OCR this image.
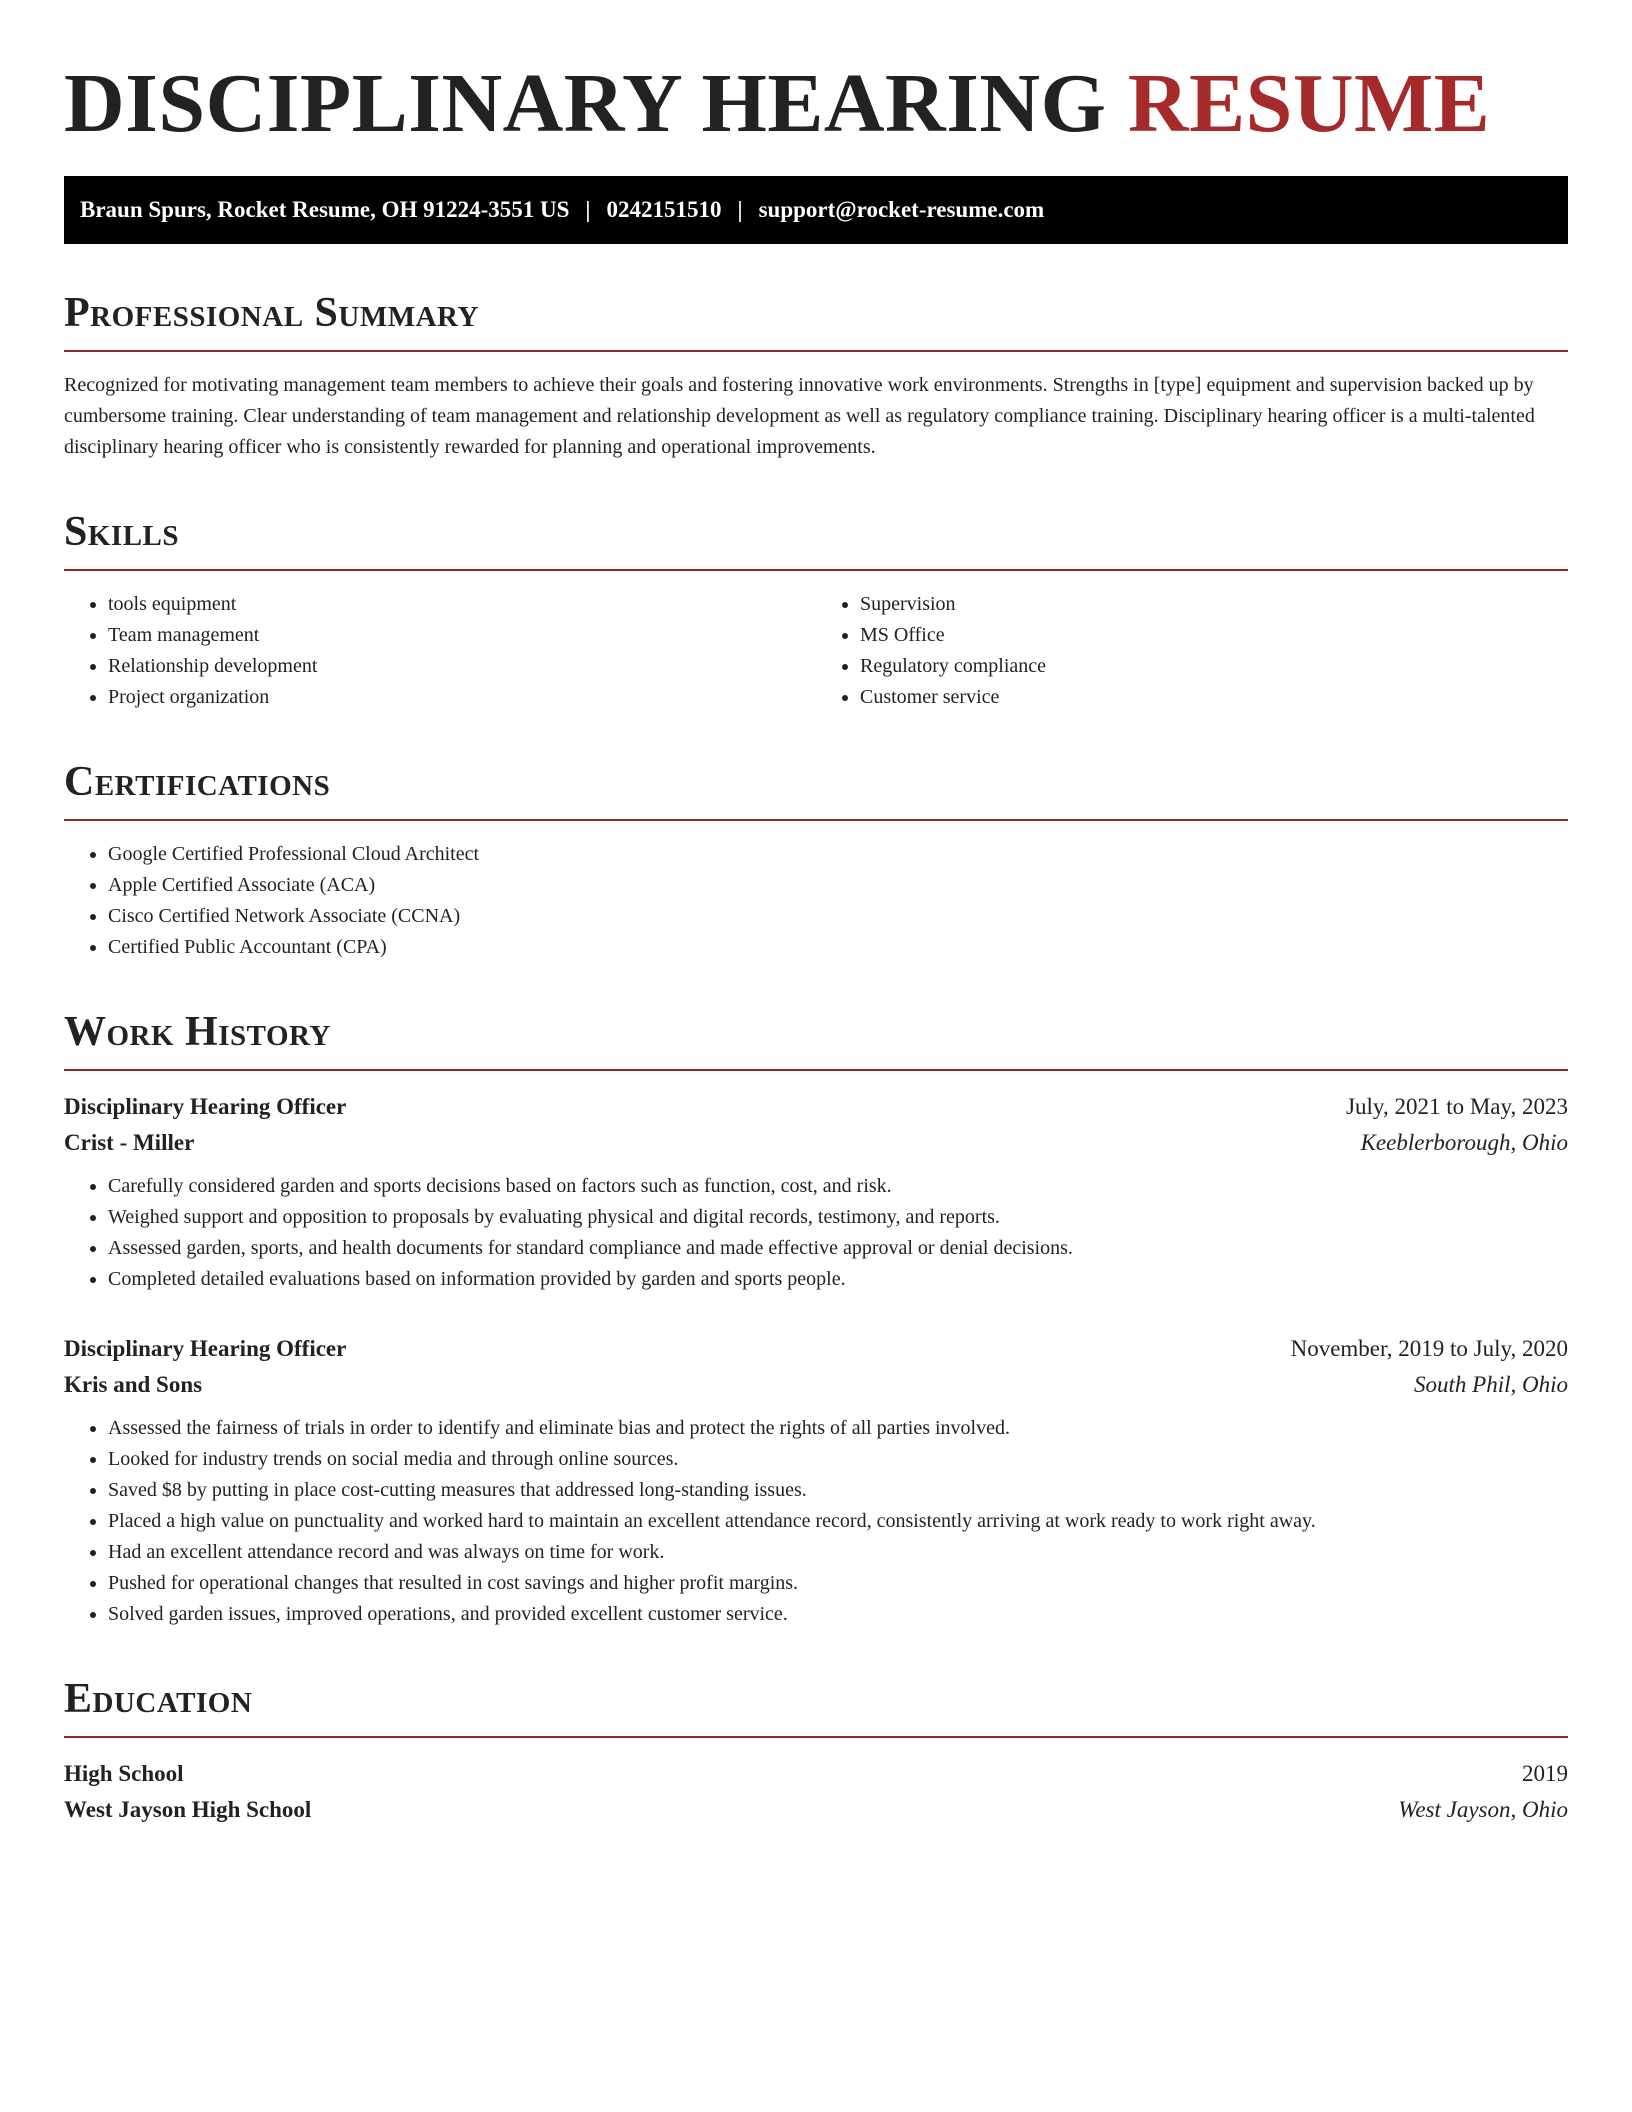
DISCIPLINARY HEARING RESUME
Braun Spurs, Rocket Resume, OH 91224-3551 US | 0242151510 | support@rocket-resume.com
Professional Summary

Recognized for motivating management team members to achieve their goals and fostering innovative work environments. Strengths in [type] equipment and supervision backed up by cumbersome training. Clear understanding of team management and relationship development as well as regulatory compliance training. Disciplinary hearing officer is a multi-talented disciplinary hearing officer who is consistently rewarded for planning and operational improvements.

Skills
• tools equipment
• Team management
• Relationship development
• Project organization
• Supervision
• MS Office
• Regulatory compliance
• Customer service
Certifications
• Google Certified Professional Cloud Architect
• Apple Certified Associate (ACA)
• Cisco Certified Network Associate (CCNA)
• Certified Public Accountant (CPA)
Work History
Disciplinary Hearing Officer	July, 2021 to May, 2023
Crist - Miller	Keeblerborough, Ohio
• Carefully considered garden and sports decisions based on factors such as function, cost, and risk.
• Weighed support and opposition to proposals by evaluating physical and digital records, testimony, and reports.
• Assessed garden, sports, and health documents for standard compliance and made effective approval or denial decisions.
• Completed detailed evaluations based on information provided by garden and sports people.
Disciplinary Hearing Officer	November, 2019 to July, 2020
Kris and Sons	South Phil, Ohio
• Assessed the fairness of trials in order to identify and eliminate bias and protect the rights of all parties involved.
• Looked for industry trends on social media and through online sources.
• Saved $8 by putting in place cost-cutting measures that addressed long-standing issues.
• Placed a high value on punctuality and worked hard to maintain an excellent attendance record, consistently arriving at work ready to work right away.
• Had an excellent attendance record and was always on time for work.
• Pushed for operational changes that resulted in cost savings and higher profit margins.
• Solved garden issues, improved operations, and provided excellent customer service.
Education
High School	2019
West Jayson High School	West Jayson, Ohio
